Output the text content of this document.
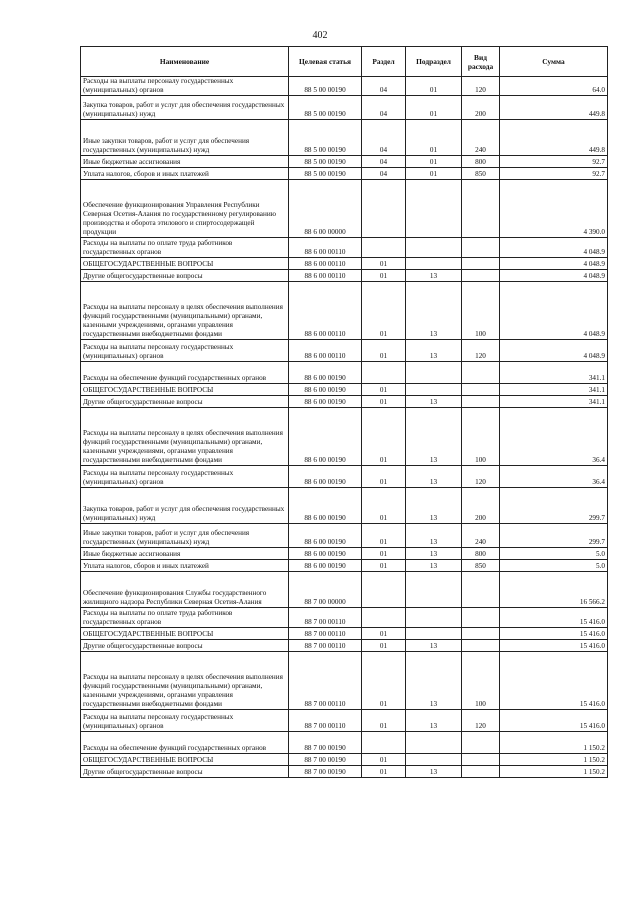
402
Наименование	Целевая статья	Раздел	Подраздел	Вид расхода	Сумма
Расходы на выплаты персоналу государственных (муниципальных) органов	88 5 00 00190	04	01	120	64.0
Закупка товаров, работ и услуг для обеспечения государственных (муниципальных) нужд	88 5 00 00190	04	01	200	449.8
Иные закупки товаров, работ и услуг для обеспечения государственных (муниципальных) нужд	88 5 00 00190	04	01	240	449.8
Иные бюджетные ассигнования	88 5 00 00190	04	01	800	92.7
Уплата налогов, сборов и иных платежей	88 5 00 00190	04	01	850	92.7
Обеспечение функционирования Управления Республики Северная Осетия-Алания по государственному регулированию производства и оборота этилового и спиртосодержащей продукции	88 6 00 00000				4 390.0
Расходы на выплаты по оплате труда работников государственных органов	88 6 00 00110				4 048.9
ОБЩЕГОСУДАРСТВЕННЫЕ ВОПРОСЫ	88 6 00 00110	01			4 048.9
Другие общегосударственные вопросы	88 6 00 00110	01	13		4 048.9
Расходы на выплаты персоналу в целях обеспечения выполнения функций государственными (муниципальными) органами, казенными учреждениями, органами управления государственными внебюджетными фондами	88 6 00 00110	01	13	100	4 048.9
Расходы на выплаты персоналу государственных (муниципальных) органов	88 6 00 00110	01	13	120	4 048.9
Расходы на обеспечение функций государственных органов	88 6 00 00190				341.1
ОБЩЕГОСУДАРСТВЕННЫЕ ВОПРОСЫ	88 6 00 00190	01			341.1
Другие общегосударственные вопросы	88 6 00 00190	01	13		341.1
Расходы на выплаты персоналу в целях обеспечения выполнения функций государственными (муниципальными) органами, казенными учреждениями, органами управления государственными внебюджетными фондами	88 6 00 00190	01	13	100	36.4
Расходы на выплаты персоналу государственных (муниципальных) органов	88 6 00 00190	01	13	120	36.4
Закупка товаров, работ и услуг для обеспечения государственных (муниципальных) нужд	88 6 00 00190	01	13	200	299.7
Иные закупки товаров, работ и услуг для обеспечения государственных (муниципальных) нужд	88 6 00 00190	01	13	240	299.7
Иные бюджетные ассигнования	88 6 00 00190	01	13	800	5.0
Уплата налогов, сборов и иных платежей	88 6 00 00190	01	13	850	5.0
Обеспечение функционирования Службы государственного жилищного надзора Республики Северная Осетия-Алания	88 7 00 00000				16 566.2
Расходы на выплаты по оплате труда работников государственных органов	88 7 00 00110				15 416.0
ОБЩЕГОСУДАРСТВЕННЫЕ ВОПРОСЫ	88 7 00 00110	01			15 416.0
Другие общегосударственные вопросы	88 7 00 00110	01	13		15 416.0
Расходы на выплаты персоналу в целях обеспечения выполнения функций государственными (муниципальными) органами, казенными учреждениями, органами управления государственными внебюджетными фондами	88 7 00 00110	01	13	100	15 416.0
Расходы на выплаты персоналу государственных (муниципальных) органов	88 7 00 00110	01	13	120	15 416.0
Расходы на обеспечение функций государственных органов	88 7 00 00190				1 150.2
ОБЩЕГОСУДАРСТВЕННЫЕ ВОПРОСЫ	88 7 00 00190	01			1 150.2
Другие общегосударственные вопросы	88 7 00 00190	01	13		1 150.2
